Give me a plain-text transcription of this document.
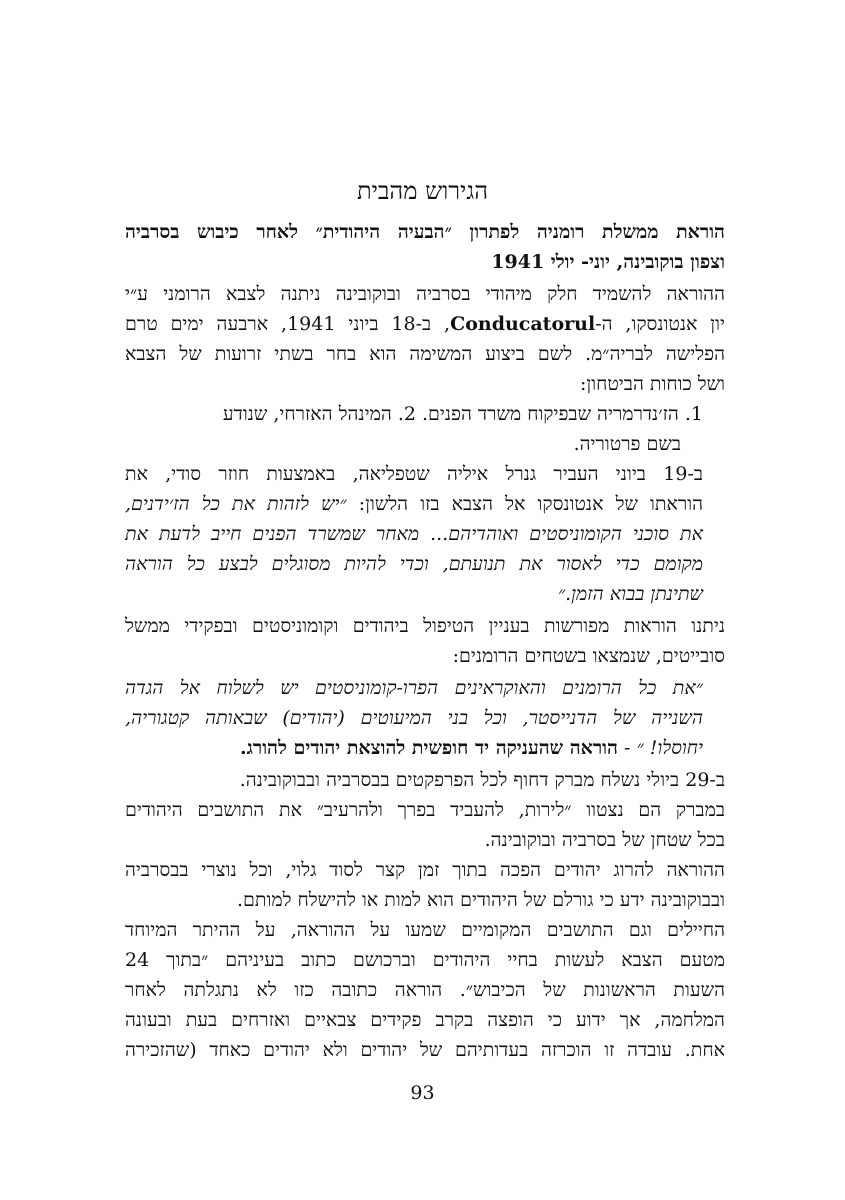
הגירוש מהבית
הוראת ממשלת רומניה לפתרון ״הבעיה היהודית״ לאחר כיבוש בסרביה
וצפון בוקובינה, יוני- יולי 1941
ההוראה להשמיד חלק מיהודי בסרביה ובוקובינה ניתנה לצבא הרומני ע״י
יון אנטונסקו, ה-Conducatorul, ב-18 ביוני 1941, ארבעה ימים טרם
הפלישה לבריה״מ. לשם ביצוע המשימה הוא בחר בשתי זרועות של הצבא
ושל כוחות הביטחון:
1. הז׳נדרמריה שבפיקוח משרד הפנים. 2. המינהל האזרחי, שנודע
בשם פרטוריה.
ב-19 ביוני העביר גנרל איליה שטפליאה, באמצעות חוזר סודי, את
הוראתו של אנטונסקו אל הצבא בזו הלשון: ״יש לזהות את כל הז׳ידנים,
את סוכני הקומוניסטים ואוהדיהם... מאחר שמשרד הפנים חייב לדעת את
מקומם כדי לאסור את תנועתם, וכדי להיות מסוגלים לבצע כל הוראה
שתינתן בבוא הזמן.״
ניתנו הוראות מפורשות בעניין הטיפול ביהודים וקומוניסטים ובפקידי ממשל
סובייטים, שנמצאו בשטחים הרומנים:
״את כל הרומנים והאוקראינים הפרו-קומוניסטים יש לשלוח אל הגדה
השנייה של הדנייסטר, וכל בני המיעוטים (יהודים) שבאותה קטגוריה,
יחוסלו! ״ - הוראה שהעניקה יד חופשית להוצאת יהודים להורג.
ב-29 ביולי נשלח מברק דחוף לכל הפרפקטים בבסרביה ובבוקובינה.
במברק הם נצטוו ״לירות, להעביד בפרך ולהרעיב״ את התושבים היהודים
בכל שטחן של בסרביה ובוקובינה.
ההוראה להרוג יהודים הפכה בתוך זמן קצר לסוד גלוי, וכל נוצרי בבסרביה
ובבוקובינה ידע כי גורלם של היהודים הוא למות או להישלח למותם.
החיילים וגם התושבים המקומיים שמעו על ההוראה, על ההיתר המיוחד
מטעם הצבא לעשות בחיי היהודים וברכושם כתוב בעיניהם ״בתוך 24
השעות הראשונות של הכיבוש״. הוראה כתובה כזו לא נתגלתה לאחר
המלחמה, אך ידוע כי הופצה בקרב פקידים צבאיים ואזרחים בעת ובעונה
אחת. עובדה זו הוכרזה בעדותיהם של יהודים ולא יהודים כאחד (שהזכירה
93
